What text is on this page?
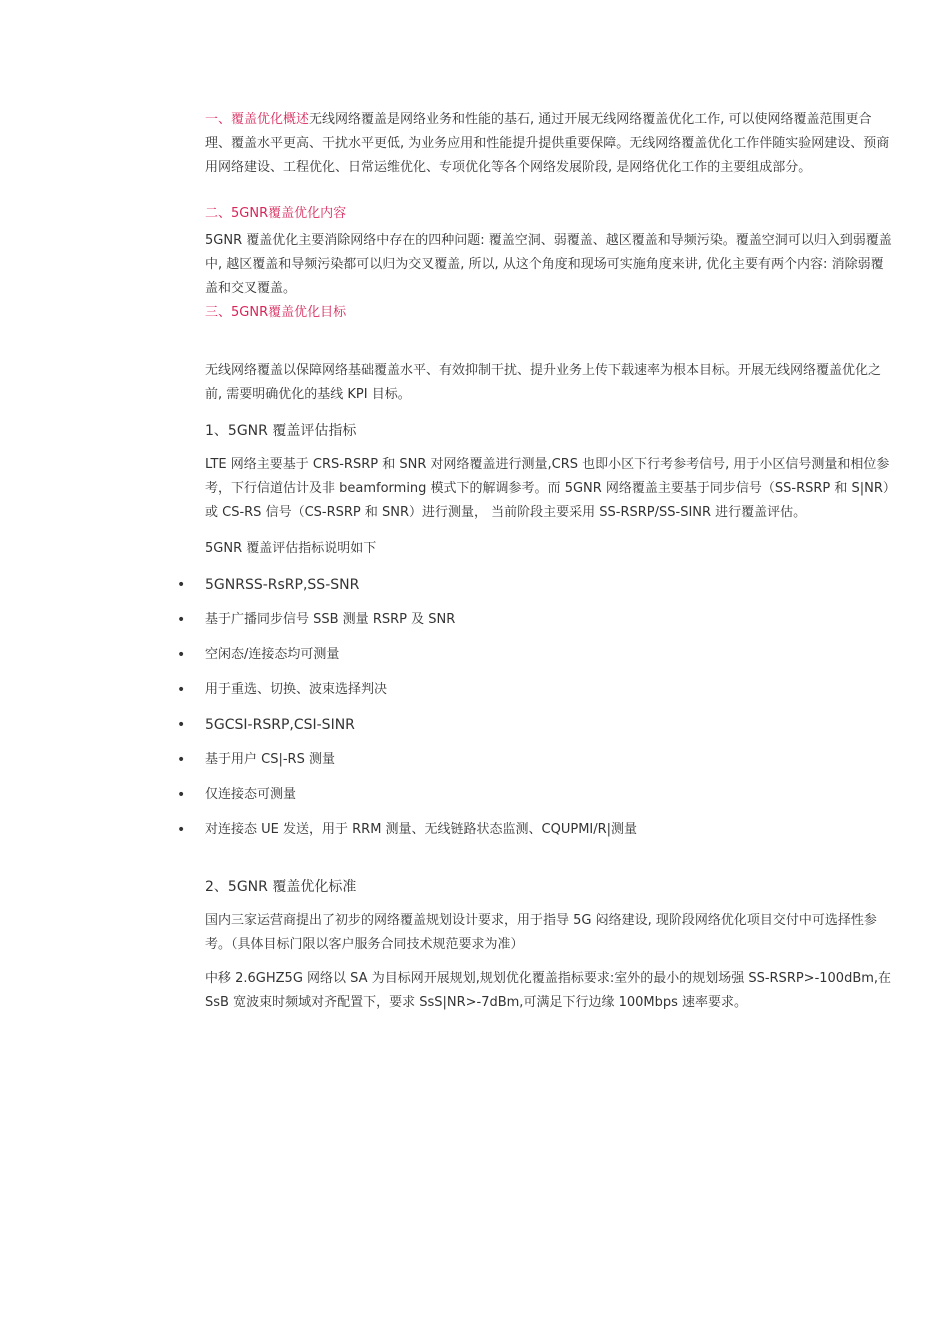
一、覆盖优化概述无线网络覆盖是网络业务和性能的基石, 通过开展无线网络覆盖优化工作, 可以使网络覆盖范围更合理、覆盖水平更高、干扰水平更低, 为业务应用和性能提升提供重要保障。无线网络覆盖优化工作伴随实验网建设、预商用网络建设、工程优化、日常运维优化、专项优化等各个网络发展阶段, 是网络优化工作的主要组成部分。

二、5GNR覆盖优化内容

5GNR 覆盖优化主要消除网络中存在的四种问题: 覆盖空洞、弱覆盖、越区覆盖和导频污染。覆盖空洞可以归入到弱覆盖中, 越区覆盖和导频污染都可以归为交叉覆盖, 所以, 从这个角度和现场可实施角度来讲, 优化主要有两个内容: 消除弱覆盖和交叉覆盖。

三、5GNR覆盖优化目标

无线网络覆盖以保障网络基础覆盖水平、有效抑制干扰、提升业务上传下载速率为根本目标。开展无线网络覆盖优化之前, 需要明确优化的基线 KPI 目标。

1、5GNR 覆盖评估指标

LTE 网络主要基于 CRS-RSRP 和 SNR 对网络覆盖进行测量,CRS 也即小区下行考参考信号, 用于小区信号测量和相位参考，下行信道估计及非 beamforming 模式下的解调参考。而 5GNR 网络覆盖主要基于同步信号（SS-RSRP 和 S|NR）或 CS-RS 信号（CS-RSRP 和 SNR）进行测量， 当前阶段主要采用 SS-RSRP/SS-SINR 进行覆盖评估。

5GNR 覆盖评估指标说明如下

• 5GNRSS-RsRP,SS-SNR
• 基于广播同步信号 SSB 测量 RSRP 及 SNR
• 空闲态/连接态均可测量
• 用于重选、切换、波束选择判决
• 5GCSI-RSRP,CSI-SINR
• 基于用户 CS|-RS 测量
• 仅连接态可测量
• 对连接态 UE 发送，用于 RRM 测量、无线链路状态监测、CQUPMI/R|测量

2、5GNR 覆盖优化标准

国内三家运营商提出了初步的网络覆盖规划设计要求，用于指导 5G 闷络建设, 现阶段网络优化项目交付中可选择性参考。（具体目标门限以客户服务合同技术规范要求为准）

中移 2.6GHZ5G 网络以 SA 为目标网开展规划,规划优化覆盖指标要求:室外的最小的规划场强 SS-RSRP>-100dBm,在 SsB 宽波束时频域对齐配置下，要求 SsS|NR>-7dBm,可满足下行边缘 100Mbps 速率要求。
